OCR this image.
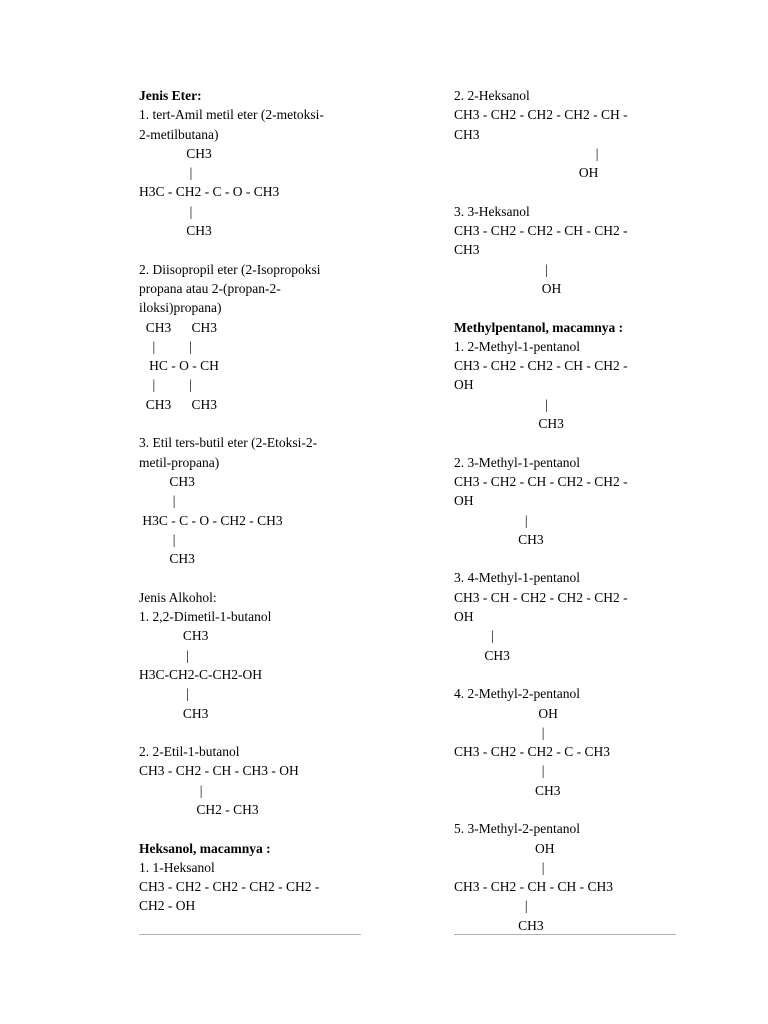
Jenis Eter:
1. tert-Amil metil eter (2-metoksi-
2-metilbutana)
CH3
|
H3C - CH2 - C - O - CH3
|
CH3
2. Diisopropil eter (2-Isopropoksi
propana atau 2-(propan-2-
iloksi)propana)
CH3      CH3
|          |
HC - O - CH
|          |
CH3      CH3
3. Etil ters-butil eter (2-Etoksi-2-
metil-propana)
CH3
|
H3C - C - O - CH2 - CH3
|
CH3
Jenis Alkohol:
1. 2,2-Dimetil-1-butanol
CH3
|
H3C-CH2-C-CH2-OH
|
CH3
2. 2-Etil-1-butanol
CH3 - CH2 - CH - CH3 - OH
|
CH2 - CH3
Heksanol, macamnya :
1. 1-Heksanol
CH3 - CH2 - CH2 - CH2 - CH2 -
CH2 - OH
2. 2-Heksanol
CH3 - CH2 - CH2 - CH2 - CH -
CH3
|
OH
3. 3-Heksanol
CH3 - CH2 - CH2 - CH - CH2 -
CH3
|
OH
Methylpentanol, macamnya :
1. 2-Methyl-1-pentanol
CH3 - CH2 - CH2 - CH - CH2 -
OH
|
CH3
2. 3-Methyl-1-pentanol
CH3 - CH2 - CH - CH2 - CH2 -
OH
|
CH3
3. 4-Methyl-1-pentanol
CH3 - CH - CH2 - CH2 - CH2 -
OH
|
CH3
4. 2-Methyl-2-pentanol
OH
|
CH3 - CH2 - CH2 - C - CH3
|
CH3
5. 3-Methyl-2-pentanol
OH
|
CH3 - CH2 - CH - CH - CH3
|
CH3
